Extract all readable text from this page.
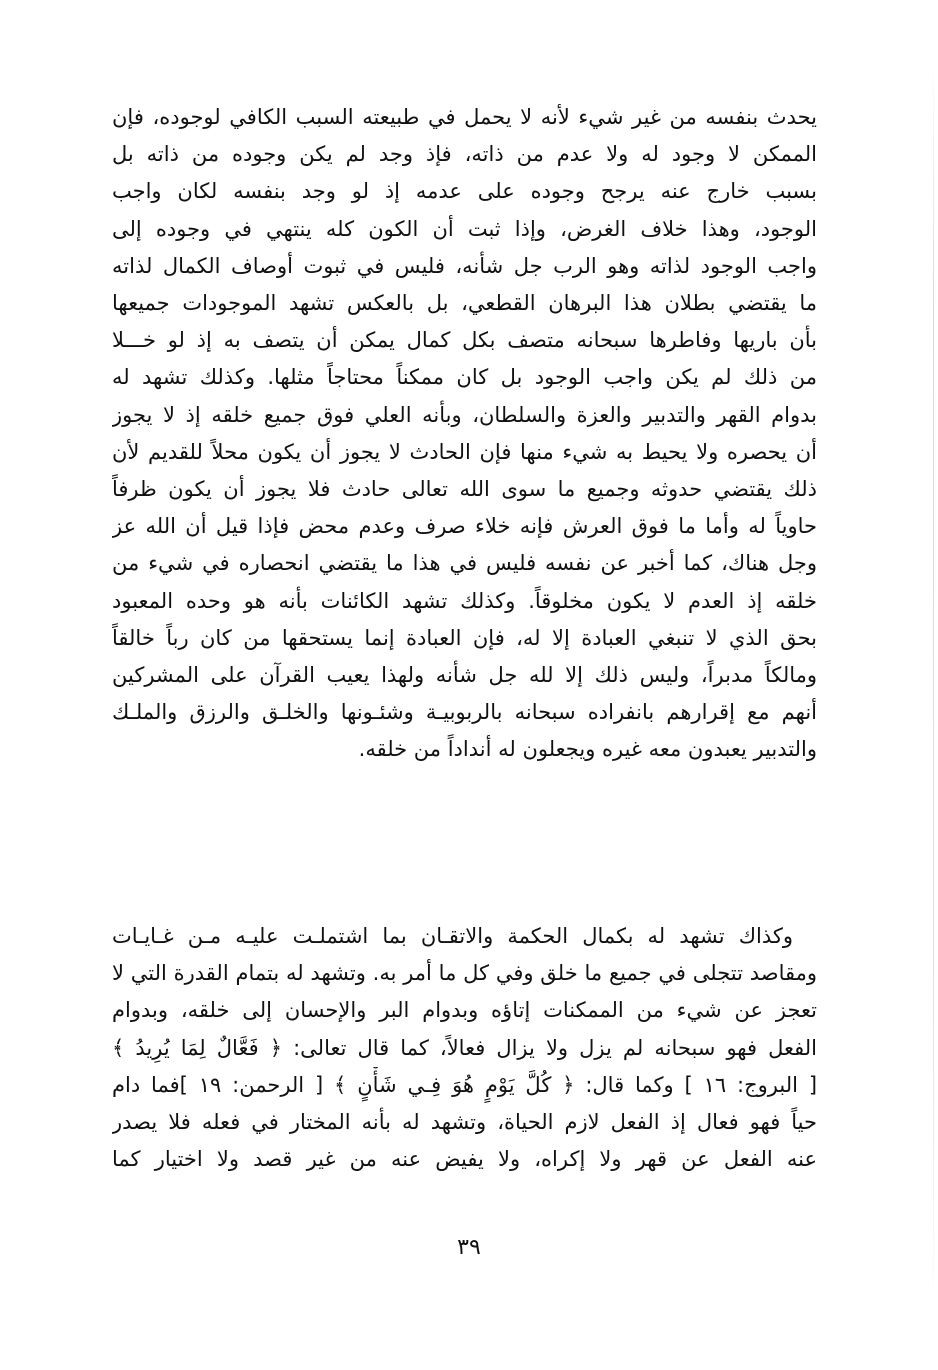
يحدث بنفسه من غير شيء لأنه لا يحمل في طبيعته السبب الكافي لوجوده، فإن
الممكن لا وجود له ولا عدم من ذاته، فإذ وجد لم يكن وجوده من ذاته بل
بسبب خارج عنه يرجح وجوده على عدمه إذ لو وجد بنفسه لكان واجب
الوجود، وهذا خلاف الغرض، وإذا ثبت أن الكون كله ينتهي في وجوده إلى
واجب الوجود لذاته وهو الرب جل شأنه، فليس في ثبوت أوصاف الكمال لذاته
ما يقتضي بطلان هذا البرهان القطعي، بل بالعكس تشهد الموجودات جميعها
بأن باريها وفاطرها سبحانه متصف بكل كمال يمكن أن يتصف به إذ لو خـــلا
من ذلك لم يكن واجب الوجود بل كان ممكناً محتاجاً مثلها. وكذلك تشهد له
بدوام القهر والتدبير والعزة والسلطان، وبأنه العلي فوق جميع خلقه إذ لا يجوز
أن يحصره ولا يحيط به شيء منها فإن الحادث لا يجوز أن يكون محلاً للقديم لأن
ذلك يقتضي حدوثه وجميع ما سوى الله تعالى حادث فلا يجوز أن يكون ظرفاً
حاوياً له وأما ما فوق العرش فإنه خلاء صرف وعدم محض فإذا قيل أن الله عز
وجل هناك، كما أخبر عن نفسه فليس في هذا ما يقتضي انحصاره في شيء من
خلقه إذ العدم لا يكون مخلوقاً. وكذلك تشهد الكائنات بأنه هو وحده المعبود
بحق الذي لا تنبغي العبادة إلا له، فإن العبادة إنما يستحقها من كان رباً خالقاً
ومالكاً مدبراً، وليس ذلك إلا لله جل شأنه ولهذا يعيب القرآن على المشركين
أنهم مع إقرارهم بانفراده سبحانه بالربوبيـة وشئـونها والخلـق والرزق والملـك
والتدبير يعبدون معه غيره ويجعلون له أنداداً من خلقه.
وكذاك تشهد له بكمال الحكمة والاتقـان بما اشتملـت عليـه مـن غـايـات
ومقاصد تتجلى في جميع ما خلق وفي كل ما أمر به. وتشهد له بتمام القدرة التي لا
تعجز عن شيء من الممكنات إتاؤه وبدوام البر والإحسان إلى خلقه، وبدوام
الفعل فهو سبحانه لم يزل ولا يزال فعالاً، كما قال تعالى: ﴿ فَعَّالٌ لِمَا يُرِيدُ ﴾
[ البروج: ١٦ ] وكما قال: ﴿ كُلَّ يَوْمٍ هُوَ فِـي شَأْنٍ ﴾ [ الرحمن: ١٩ ]فما دام
حياً فهو فعال إذ الفعل لازم الحياة، وتشهد له بأنه المختار في فعله فلا يصدر
عنه الفعل عن قهر ولا إكراه، ولا يفيض عنه من غير قصد ولا اختيار كما
٣٩
